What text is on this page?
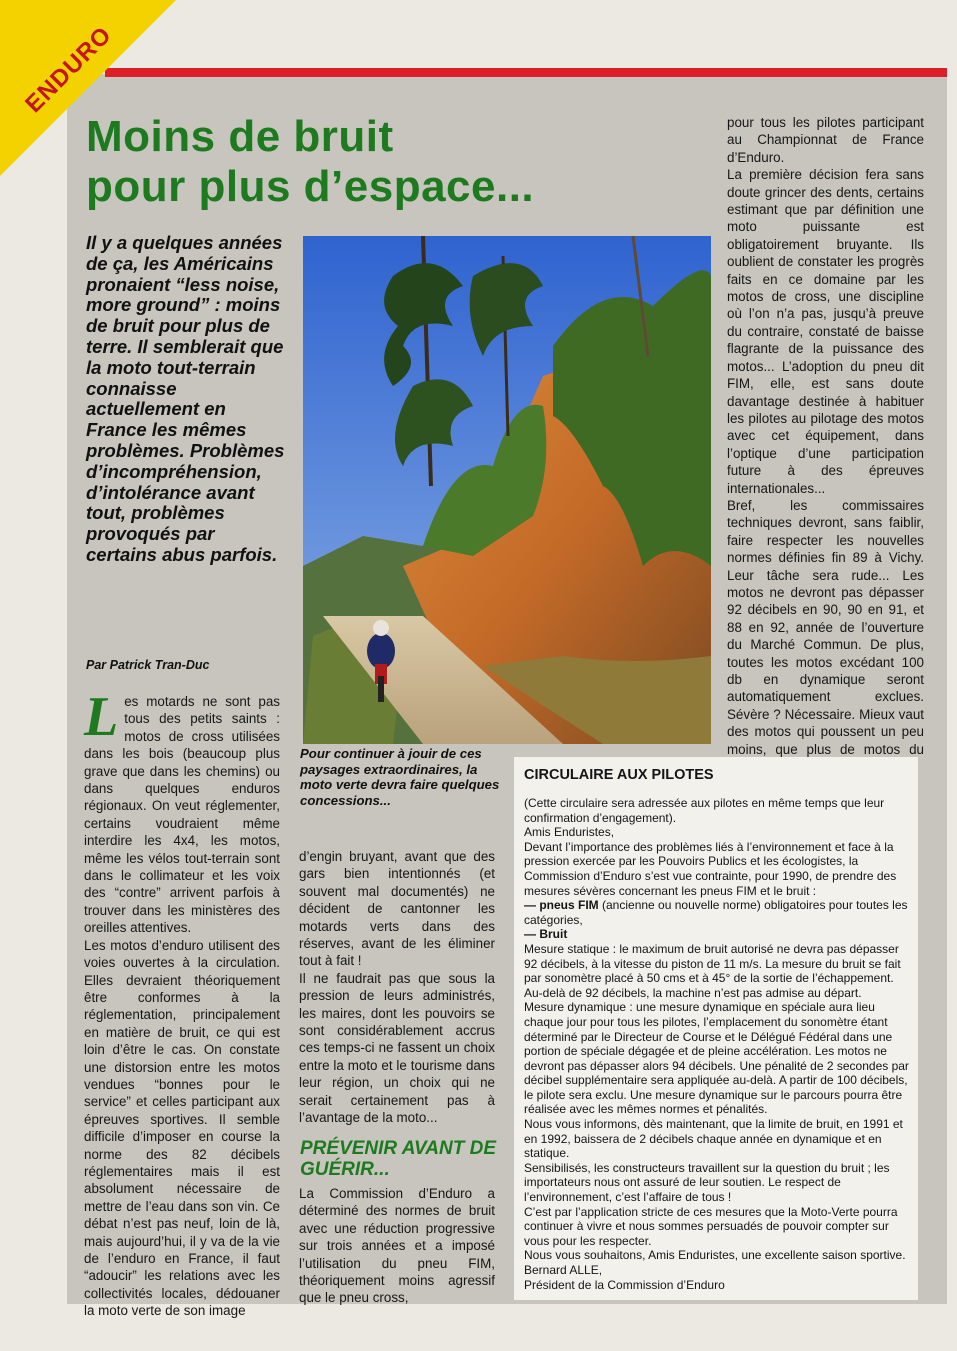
ENDURO
Moins de bruit
pour plus d’espace...
Il y a quelques années de ça, les Américains pronaient “less noise, more ground” : moins de bruit pour plus de terre. Il semblerait que la moto tout-terrain connaisse actuellement en France les mêmes problèmes. Problèmes d’incompréhension, d’intolérance avant tout, problèmes provoqués par certains abus parfois.
Par Patrick Tran-Duc
Pour continuer à jouir de ces paysages extraordinaires, la moto verte devra faire quelques concessions...

Les motards ne sont pas tous des petits saints : motos de cross utilisées dans les bois (beaucoup plus grave que dans les chemins) ou dans quelques enduros régionaux. On veut réglementer, certains voudraient même interdire les 4x4, les motos, même les vélos tout-terrain sont dans le collimateur et les voix des “contre” arrivent parfois à trouver dans les ministères des oreilles attentives.

Les motos d’enduro utilisent des voies ouvertes à la circulation. Elles devraient théoriquement être conformes à la réglementation, principalement en matière de bruit, ce qui est loin d’être le cas. On constate une distorsion entre les motos vendues “bonnes pour le service” et celles participant aux épreuves sportives. Il semble difficile d’imposer en course la norme des 82 décibels réglementaires mais il est absolument nécessaire de mettre de l’eau dans son vin. Ce débat n’est pas neuf, loin de là, mais aujourd’hui, il y va de la vie de l’enduro en France, il faut “adoucir” les relations avec les collectivités locales, dédouaner la moto verte de son image

d’engin bruyant, avant que des gars bien intentionnés (et souvent mal documentés) ne décident de cantonner les motards verts dans des réserves, avant de les éliminer tout à fait !

Il ne faudrait pas que sous la pression de leurs administrés, les maires, dont les pouvoirs se sont considérablement accrus ces temps-ci ne fassent un choix entre la moto et le tourisme dans leur région, un choix qui ne serait certainement pas à l’avantage de la moto...

PRÉVENIR AVANT DE GUÉRIR...

La Commission d’Enduro a déterminé des normes de bruit avec une réduction progressive sur trois années et a imposé l’utilisation du pneu FIM, théoriquement moins agressif que le pneu cross,

pour tous les pilotes participant au Championnat de France d’Enduro.

La première décision fera sans doute grincer des dents, certains estimant que par définition une moto puissante est obligatoirement bruyante. Ils oublient de constater les progrès faits en ce domaine par les motos de cross, une discipline où l’on n’a pas, jusqu’à preuve du contraire, constaté de baisse flagrante de la puissance des motos... L’adoption du pneu dit FIM, elle, est sans doute davantage destinée à habituer les pilotes au pilotage des motos avec cet équipement, dans l’optique d’une participation future à des épreuves internationales...

Bref, les commissaires techniques devront, sans faiblir, faire respecter les nouvelles normes définies fin 89 à Vichy. Leur tâche sera rude... Les motos ne devront pas dépasser 92 décibels en 90, 90 en 91, et 88 en 92, année de l’ouverture du Marché Commun. De plus, toutes les motos excédant 100 db en dynamique seront automatiquement exclues. Sévère ? Nécessaire. Mieux vaut des motos qui poussent un peu moins, que plus de motos du

CIRCULAIRE AUX PILOTES

(Cette circulaire sera adressée aux pilotes en même temps que leur confirmation d’engagement).

Amis Enduristes,

Devant l’importance des problèmes liés à l’environnement et face à la pression exercée par les Pouvoirs Publics et les écologistes, la Commission d’Enduro s’est vue contrainte, pour 1990, de prendre des mesures sévères concernant les pneus FIM et le bruit :

— pneus FIM (ancienne ou nouvelle norme) obligatoires pour toutes les catégories,

— Bruit

Mesure statique : le maximum de bruit autorisé ne devra pas dépasser 92 décibels, à la vitesse du piston de 11 m/s. La mesure du bruit se fait par sonomètre placé à 50 cms et à 45° de la sortie de l’échappement. Au-delà de 92 décibels, la machine n’est pas admise au départ.

Mesure dynamique : une mesure dynamique en spéciale aura lieu chaque jour pour tous les pilotes, l’emplacement du sonomètre étant déterminé par le Directeur de Course et le Délégué Fédéral dans une portion de spéciale dégagée et de pleine accélération. Les motos ne devront pas dépasser alors 94 décibels. Une pénalité de 2 secondes par décibel supplémentaire sera appliquée au-delà. A partir de 100 décibels, le pilote sera exclu. Une mesure dynamique sur le parcours pourra être réalisée avec les mêmes normes et pénalités.

Nous vous informons, dès maintenant, que la limite de bruit, en 1991 et en 1992, baissera de 2 décibels chaque année en dynamique et en statique.

Sensibilisés, les constructeurs travaillent sur la question du bruit ; les importateurs nous ont assuré de leur soutien. Le respect de l’environnement, c’est l’affaire de tous !

C’est par l’application stricte de ces mesures que la Moto-Verte pourra continuer à vivre et nous sommes persuadés de pouvoir compter sur vous pour les respecter.

Nous vous souhaitons, Amis Enduristes, une excellente saison sportive.

Bernard ALLE,

Président de la Commission d’Enduro
